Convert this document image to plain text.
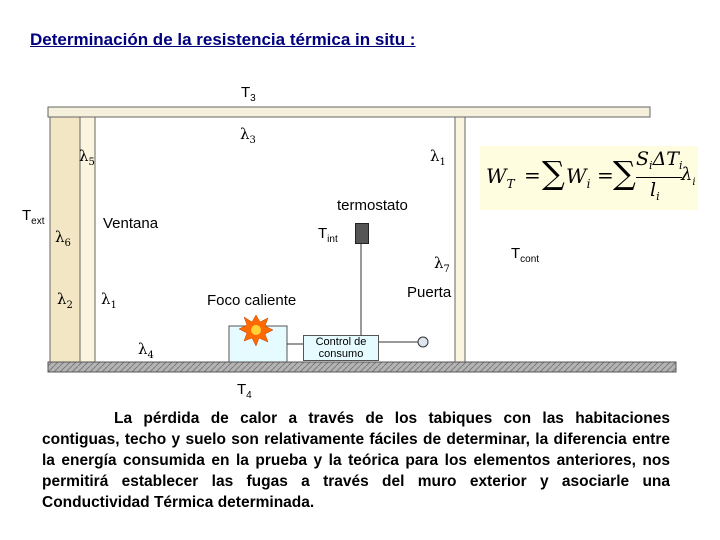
Determinación de la resistencia térmica in situ :
$T_3$
$\lambda_3$
$\lambda_5$	$\lambda_1$
$T_{ext}$
$\lambda_6$
Ventana
termostato
$T_{int}$
$\lambda_7$
$T_{cont}$
$\lambda_2$ $\lambda_1$	Foco caliente	Puerta
$\lambda_4$
Control de consumo
$T_4$
$W_T$ = ∑ $W_i$ = ∑ $S_i\Delta T_i$
$l_i$
$\lambda_i$
La pérdida de calor a través de los tabiques con las habitaciones contiguas, techo y suelo son relativamente fáciles de determinar, la diferencia entre la energía consumida en la prueba y la teórica para los elementos anteriores, nos permitirá establecer las fugas a través del muro exterior y asociarle una Conductividad Térmica determinada.
